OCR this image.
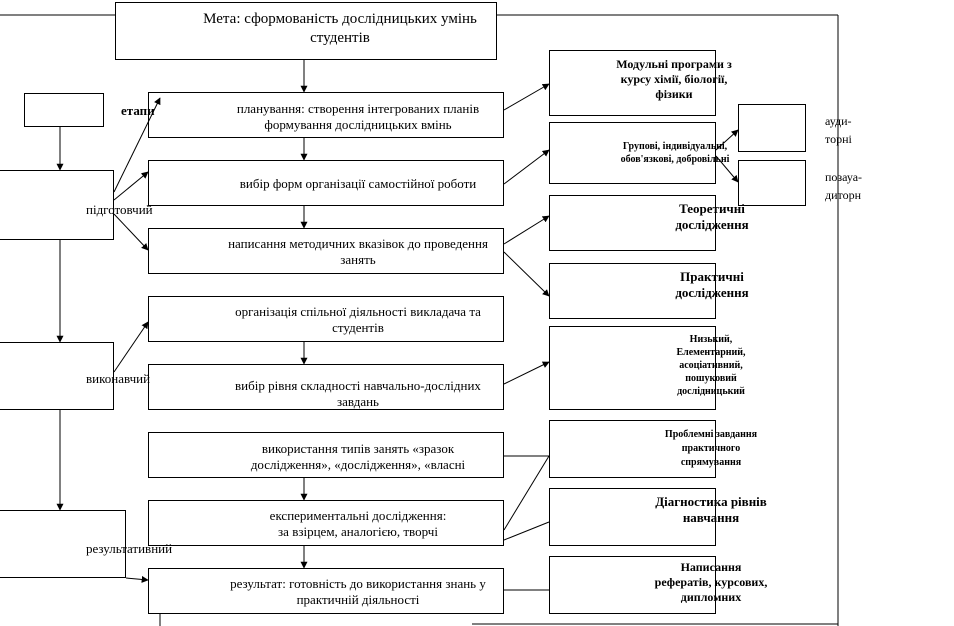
Мета: сформованість дослідницьких умінь
студентів
етапи
підготовчий
виконавчий
результативний
планування: створення інтегрованих планів
формування дослідницьких вмінь
вибір форм організації самостійної роботи
написання методичних вказівок до проведення
занять
організація спільної діяльності викладача та
студентів
вибір рівня складності навчально-дослідних
завдань
використання типів занять «зразок
дослідження», «дослідження», «власні
експериментальні дослідження:
за взірцем, аналогією, творчі
результат: готовність до використання знань у
практичній діяльності
Модульні програми з
курсу хімії, біології,
фізики
Групові, індивідуальні,
обов'язкові, добровільні
Теоретичні
дослідження
Практичні
дослідження
Низький,
Елементарний,
асоціативний,
пошуковий
дослідницький
Проблемні завдання
практичного
спрямування
Діагностика рівнів
навчання
Написання
рефератів, курсових,
дипломних
ауди-
торні
позауа-
диторн
